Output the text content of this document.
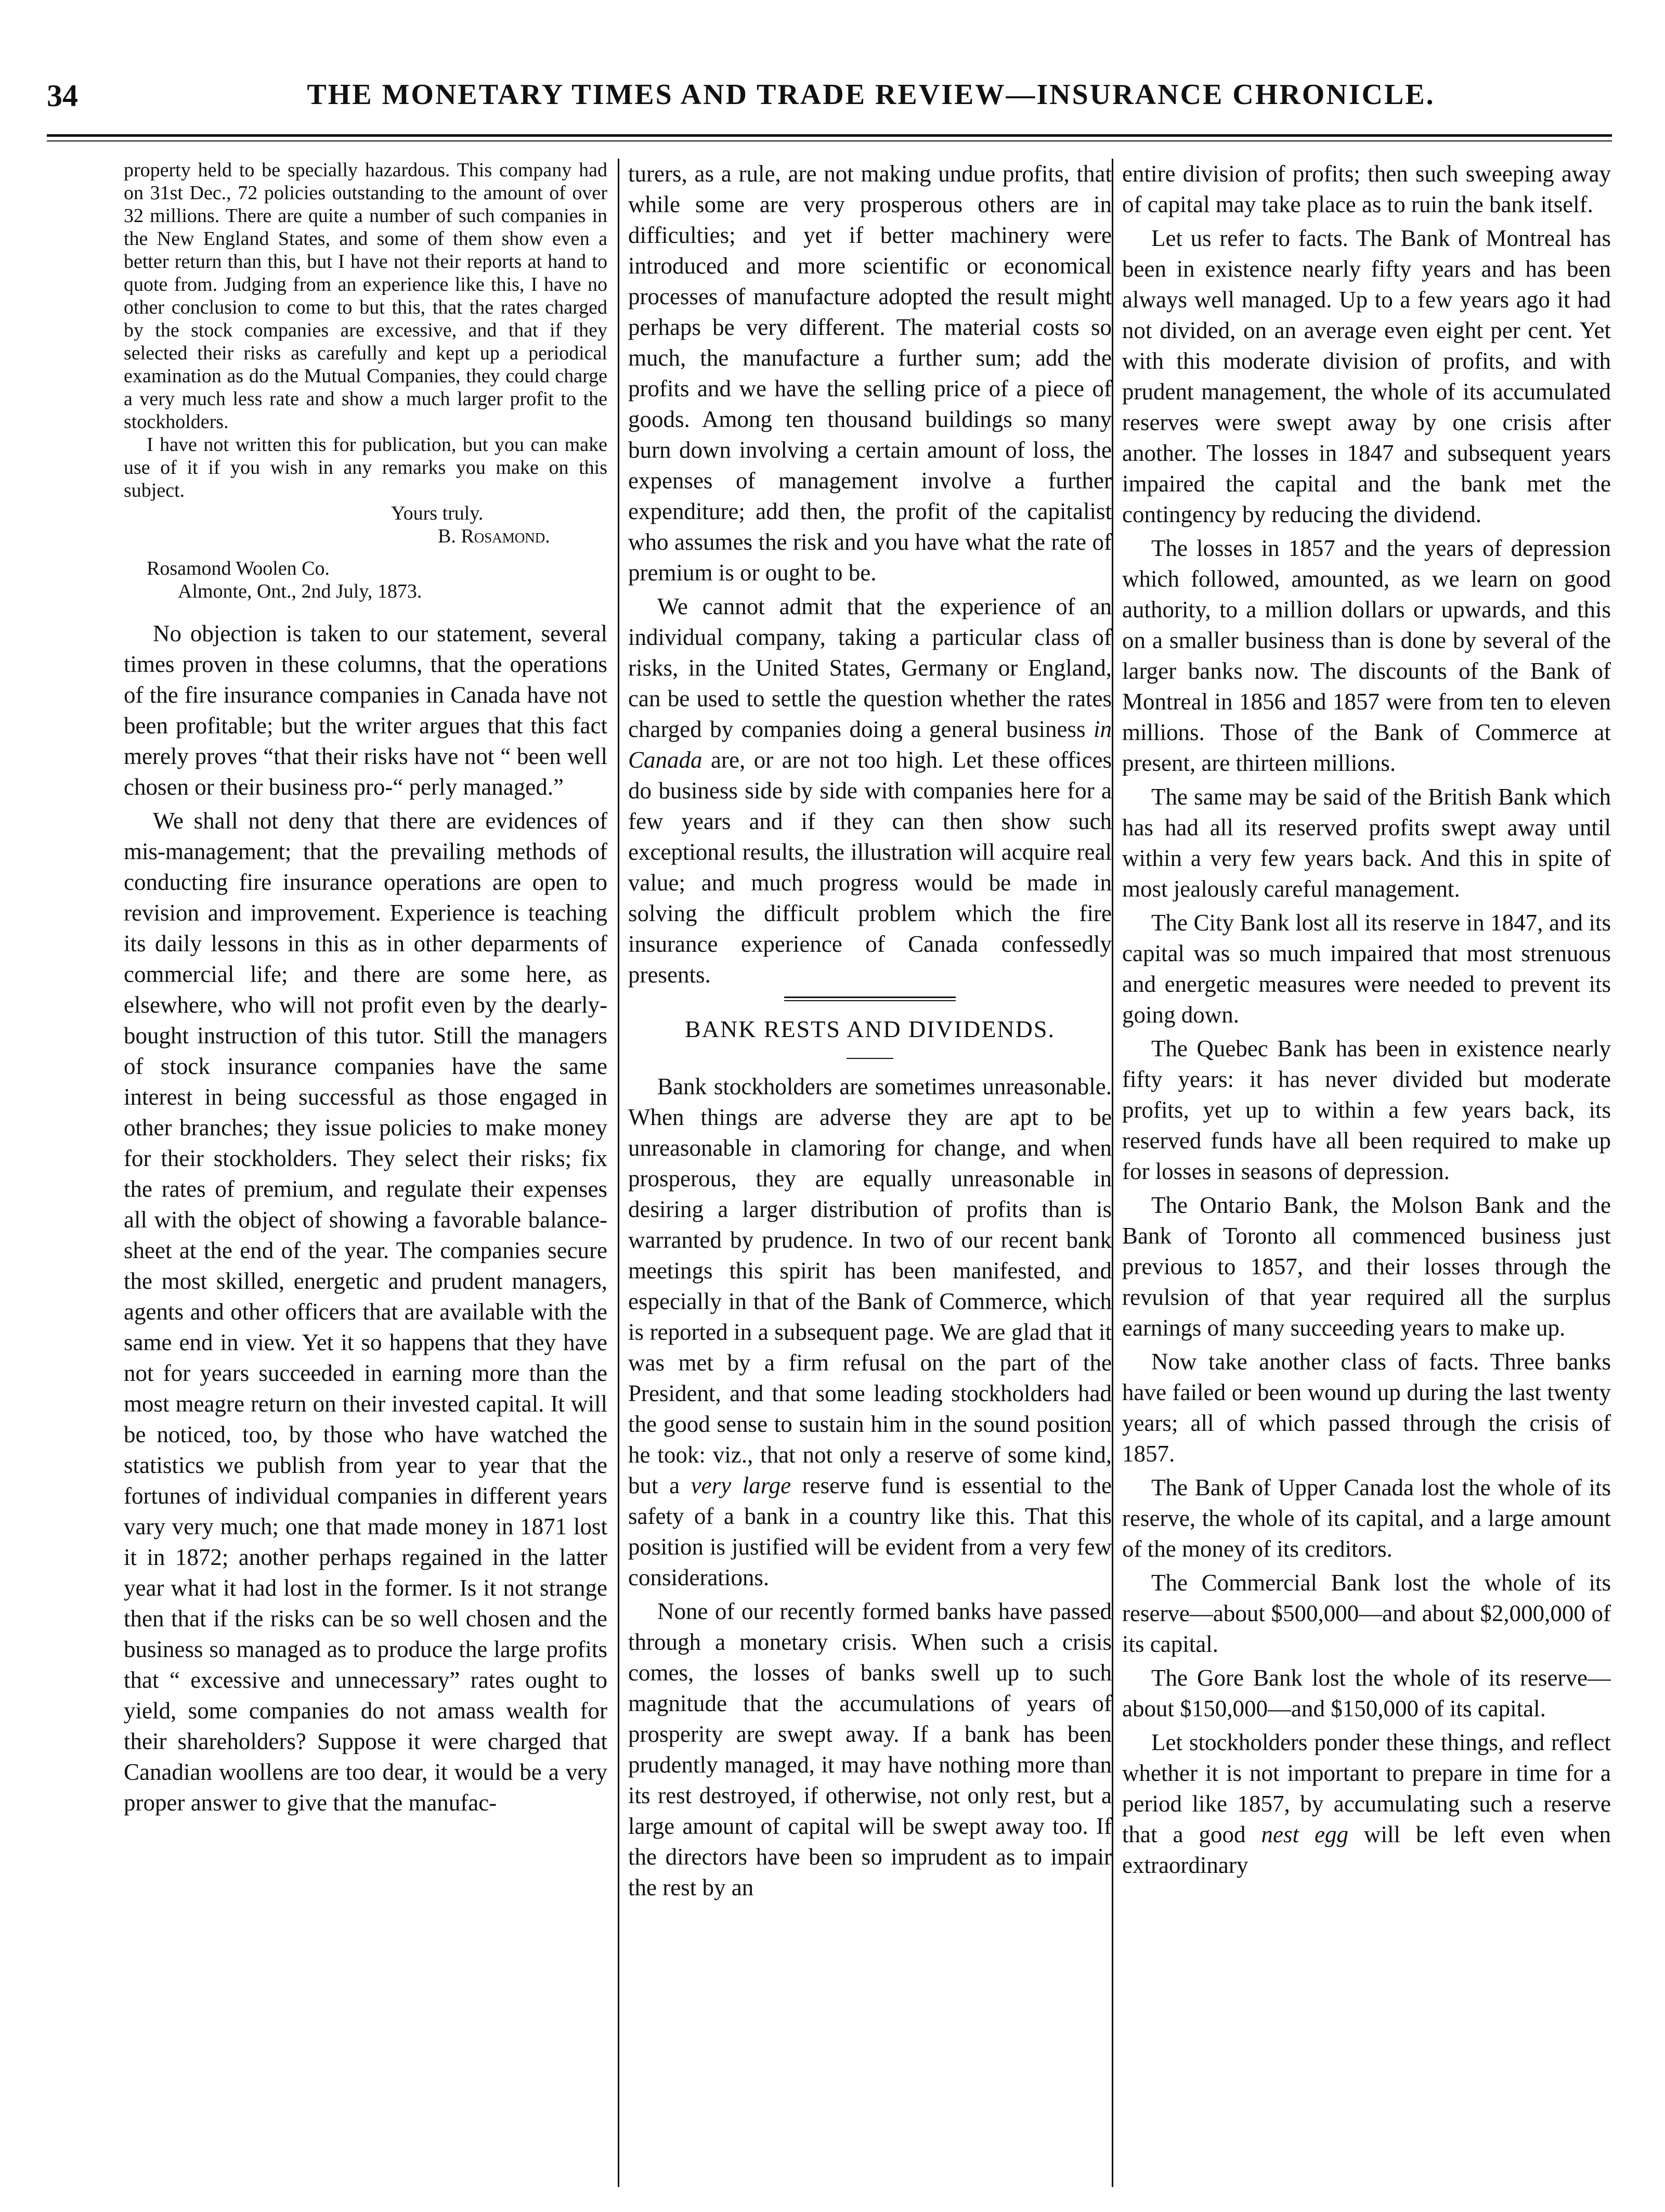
34	THE MONETARY TIMES AND TRADE REVIEW—INSURANCE CHRONICLE.

property held to be specially hazardous. This company had on 31st Dec., 72 policies outstanding to the amount of over 32 millions. There are quite a number of such companies in the New England States, and some of them show even a better return than this, but I have not their reports at hand to quote from. Judging from an experience like this, I have no other conclusion to come to but this, that the rates charged by the stock companies are excessive, and that if they selected their risks as carefully and kept up a periodical examination as do the Mutual Companies, they could charge a very much less rate and show a much larger profit to the stockholders.

I have not written this for publication, but you can make use of it if you wish in any remarks you make on this subject.

Yours truly.

B. Rosamond.

Rosamond Woolen Co.

Almonte, Ont., 2nd July, 1873.

No objection is taken to our statement, several times proven in these columns, that the operations of the fire insurance companies in Canada have not been profitable; but the writer argues that this fact merely proves “that their risks have not “ been well chosen or their business pro-“ perly managed.”

We shall not deny that there are evidences of mis-management; that the prevailing methods of conducting fire insurance operations are open to revision and improvement. Experience is teaching its daily lessons in this as in other deparments of commercial life; and there are some here, as elsewhere, who will not profit even by the dearly-bought instruction of this tutor. Still the managers of stock insurance companies have the same interest in being successful as those engaged in other branches; they issue policies to make money for their stockholders. They select their risks; fix the rates of premium, and regulate their expenses all with the object of showing a favorable balance-sheet at the end of the year. The companies secure the most skilled, energetic and prudent managers, agents and other officers that are available with the same end in view. Yet it so happens that they have not for years succeeded in earning more than the most meagre return on their invested capital. It will be noticed, too, by those who have watched the statistics we publish from year to year that the fortunes of individual companies in different years vary very much; one that made money in 1871 lost it in 1872; another perhaps regained in the latter year what it had lost in the former. Is it not strange then that if the risks can be so well chosen and the business so managed as to produce the large profits that “ excessive and unnecessary” rates ought to yield, some companies do not amass wealth for their shareholders? Suppose it were charged that Canadian woollens are too dear, it would be a very proper answer to give that the manufac-

turers, as a rule, are not making undue profits, that while some are very prosperous others are in difficulties; and yet if better machinery were introduced and more scientific or economical processes of manufacture adopted the result might perhaps be very different. The material costs so much, the manufacture a further sum; add the profits and we have the selling price of a piece of goods. Among ten thousand buildings so many burn down involving a certain amount of loss, the expenses of management involve a further expenditure; add then, the profit of the capitalist who assumes the risk and you have what the rate of premium is or ought to be.

We cannot admit that the experience of an individual company, taking a particular class of risks, in the United States, Germany or England, can be used to settle the question whether the rates charged by companies doing a general business in Canada are, or are not too high. Let these offices do business side by side with companies here for a few years and if they can then show such exceptional results, the illustration will acquire real value; and much progress would be made in solving the difficult problem which the fire insurance experience of Canada confessedly presents.

BANK RESTS AND DIVIDENDS.

Bank stockholders are sometimes unreasonable. When things are adverse they are apt to be unreasonable in clamoring for change, and when prosperous, they are equally unreasonable in desiring a larger distribution of profits than is warranted by prudence. In two of our recent bank meetings this spirit has been manifested, and especially in that of the Bank of Commerce, which is reported in a subsequent page. We are glad that it was met by a firm refusal on the part of the President, and that some leading stockholders had the good sense to sustain him in the sound position he took: viz., that not only a reserve of some kind, but a very large reserve fund is essential to the safety of a bank in a country like this. That this position is justified will be evident from a very few considerations.

None of our recently formed banks have passed through a monetary crisis. When such a crisis comes, the losses of banks swell up to such magnitude that the accumulations of years of prosperity are swept away. If a bank has been prudently managed, it may have nothing more than its rest destroyed, if otherwise, not only rest, but a large amount of capital will be swept away too. If the directors have been so imprudent as to impair the rest by an

entire division of profits; then such sweeping away of capital may take place as to ruin the bank itself.

Let us refer to facts. The Bank of Montreal has been in existence nearly fifty years and has been always well managed. Up to a few years ago it had not divided, on an average even eight per cent. Yet with this moderate division of profits, and with prudent management, the whole of its accumulated reserves were swept away by one crisis after another. The losses in 1847 and subsequent years impaired the capital and the bank met the contingency by reducing the dividend.

The losses in 1857 and the years of depression which followed, amounted, as we learn on good authority, to a million dollars or upwards, and this on a smaller business than is done by several of the larger banks now. The discounts of the Bank of Montreal in 1856 and 1857 were from ten to eleven millions. Those of the Bank of Commerce at present, are thirteen millions.

The same may be said of the British Bank which has had all its reserved profits swept away until within a very few years back. And this in spite of most jealously careful management.

The City Bank lost all its reserve in 1847, and its capital was so much impaired that most strenuous and energetic measures were needed to prevent its going down.

The Quebec Bank has been in existence nearly fifty years: it has never divided but moderate profits, yet up to within a few years back, its reserved funds have all been required to make up for losses in seasons of depression.

The Ontario Bank, the Molson Bank and the Bank of Toronto all commenced business just previous to 1857, and their losses through the revulsion of that year required all the surplus earnings of many succeeding years to make up.

Now take another class of facts. Three banks have failed or been wound up during the last twenty years; all of which passed through the crisis of 1857.

The Bank of Upper Canada lost the whole of its reserve, the whole of its capital, and a large amount of the money of its creditors.

The Commercial Bank lost the whole of its reserve—about $500,000—and about $2,000,000 of its capital.

The Gore Bank lost the whole of its reserve—about $150,000—and $150,000 of its capital.

Let stockholders ponder these things, and reflect whether it is not important to prepare in time for a period like 1857, by accumulating such a reserve that a good nest egg will be left even when extraordinary
